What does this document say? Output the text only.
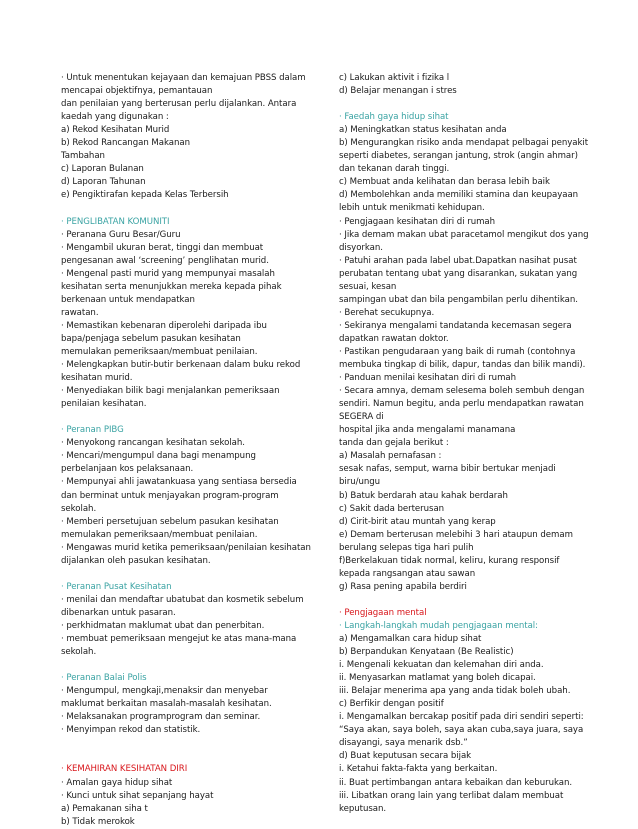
· Untuk menentukan kejayaan dan kemajuan PBSS dalam
mencapai objektifnya, pemantauan
dan penilaian yang berterusan perlu dijalankan. Antara
kaedah yang digunakan :
a) Rekod Kesihatan Murid
b) Rekod Rancangan Makanan
Tambahan
c) Laporan Bulanan
d) Laporan Tahunan
e) Pengiktirafan kepada Kelas Terbersih
· PENGLIBATAN KOMUNITI
· Peranana Guru Besar/Guru
· Mengambil ukuran berat, tinggi dan membuat
pengesanan awal ‘screening’ penglihatan murid.
· Mengenal pasti murid yang mempunyai masalah
kesihatan serta menunjukkan mereka kepada pihak
berkenaan untuk mendapatkan
rawatan.
· Memastikan kebenaran diperolehi daripada ibu
bapa/penjaga sebelum pasukan kesihatan
memulakan pemeriksaan/membuat penilaian.
· Melengkapkan butir-butir berkenaan dalam buku rekod
kesihatan murid.
· Menyediakan bilik bagi menjalankan pemeriksaan
penilaian kesihatan.
· Peranan PIBG
· Menyokong rancangan kesihatan sekolah.
· Mencari/mengumpul dana bagi menampung
perbelanjaan kos pelaksanaan.
· Mempunyai ahli jawatankuasa yang sentiasa bersedia
dan berminat untuk menjayakan program-program
sekolah.
· Memberi persetujuan sebelum pasukan kesihatan
memulakan pemeriksaan/membuat penilaian.
· Mengawas murid ketika pemeriksaan/penilaian kesihatan
dijalankan oleh pasukan kesihatan.
· Peranan Pusat Kesihatan
· menilai dan mendaftar ubatubat dan kosmetik sebelum
dibenarkan untuk pasaran.
· perkhidmatan maklumat ubat dan penerbitan.
· membuat pemeriksaan mengejut ke atas mana-mana
sekolah.
· Peranan Balai Polis
· Mengumpul, mengkaji,menaksir dan menyebar
maklumat berkaitan masalah-masalah kesihatan.
· Melaksanakan programprogram dan seminar.
· Menyimpan rekod dan statistik.
· KEMAHIRAN KESIHATAN DIRI
· Amalan gaya hidup sihat
· Kunci untuk sihat sepanjang hayat
a) Pemakanan siha t
b) Tidak merokok
c) Lakukan aktivit i fizika l
d) Belajar menangan i stres
· Faedah gaya hidup sihat
a) Meningkatkan status kesihatan anda
b) Mengurangkan risiko anda mendapat pelbagai penyakit
seperti diabetes, serangan jantung, strok (angin ahmar)
dan tekanan darah tinggi.
c) Membuat anda kelihatan dan berasa lebih baik
d) Membolehkan anda memiliki stamina dan keupayaan
lebih untuk menikmati kehidupan.
· Pengjagaan kesihatan diri di rumah
· Jika demam makan ubat paracetamol mengikut dos yang
disyorkan.
· Patuhi arahan pada label ubat.Dapatkan nasihat pusat
perubatan tentang ubat yang disarankan, sukatan yang
sesuai, kesan
sampingan ubat dan bila pengambilan perlu dihentikan.
· Berehat secukupnya.
· Sekiranya mengalami tandatanda kecemasan segera
dapatkan rawatan doktor.
· Pastikan pengudaraan yang baik di rumah (contohnya
membuka tingkap di bilik, dapur, tandas dan bilik mandi).
· Panduan menilai kesihatan diri di rumah
· Secara amnya, demam selesema boleh sembuh dengan
sendiri. Namun begitu, anda perlu mendapatkan rawatan
SEGERA di
hospital jika anda mengalami manamana
tanda dan gejala berikut :
a) Masalah pernafasan :
sesak nafas, semput, warna bibir bertukar menjadi
biru/ungu
b) Batuk berdarah atau kahak berdarah
c) Sakit dada berterusan
d) Cirit-birit atau muntah yang kerap
e) Demam berterusan melebihi 3 hari ataupun demam
berulang selepas tiga hari pulih
f)Berkelakuan tidak normal, keliru, kurang responsif
kepada rangsangan atau sawan
g) Rasa pening apabila berdiri
· Pengjagaan mental
· Langkah-langkah mudah pengjagaan mental:
a) Mengamalkan cara hidup sihat
b) Berpandukan Kenyataan (Be Realistic)
i. Mengenali kekuatan dan kelemahan diri anda.
ii. Menyasarkan matlamat yang boleh dicapai.
iii. Belajar menerima apa yang anda tidak boleh ubah.
c) Berfikir dengan positif
i. Mengamalkan bercakap positif pada diri sendiri seperti:
“Saya akan, saya boleh, saya akan cuba,saya juara, saya
disayangi, saya menarik dsb.”
d) Buat keputusan secara bijak
i. Ketahui fakta-fakta yang berkaitan.
ii. Buat pertimbangan antara kebaikan dan keburukan.
iii. Libatkan orang lain yang terlibat dalam membuat
keputusan.
